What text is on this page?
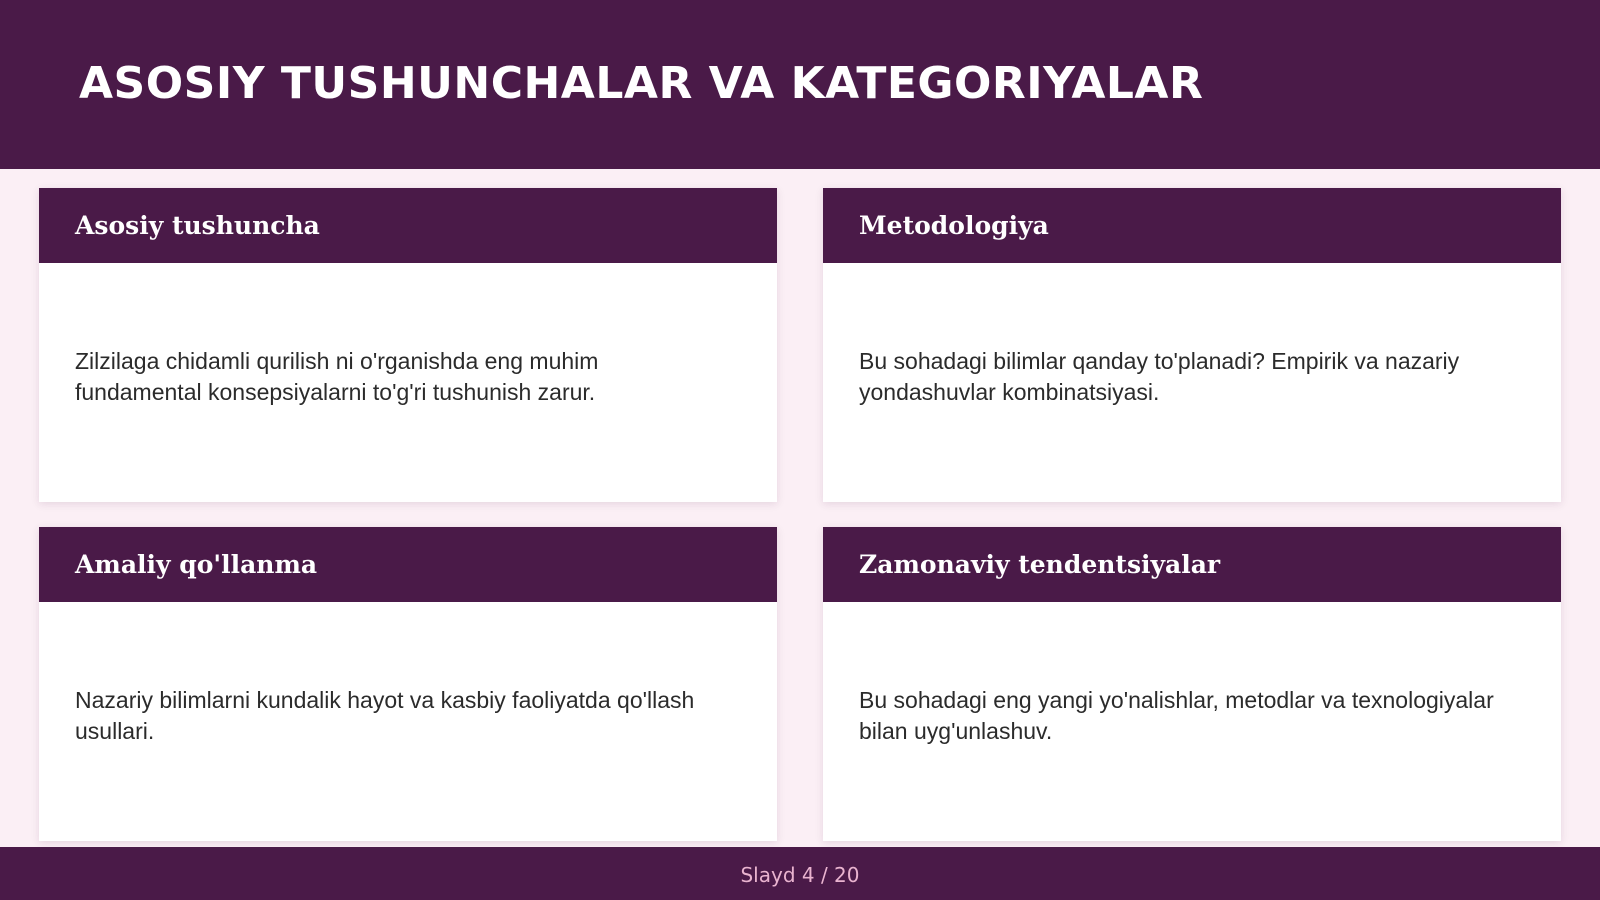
ASOSIY TUSHUNCHALAR VA KATEGORIYALAR
Asosiy tushuncha

Zilzilaga chidamli qurilish ni o'rganishda eng muhim fundamental konsepsiyalarni to'g'ri tushunish zarur.

Metodologiya

Bu sohadagi bilimlar qanday to'planadi? Empirik va nazariy yondashuvlar kombinatsiyasi.

Amaliy qo'llanma

Nazariy bilimlarni kundalik hayot va kasbiy faoliyatda qo'llash usullari.

Zamonaviy tendentsiyalar

Bu sohadagi eng yangi yo'nalishlar, metodlar va texnologiyalar bilan uyg'unlashuv.

Slayd 4 / 20
